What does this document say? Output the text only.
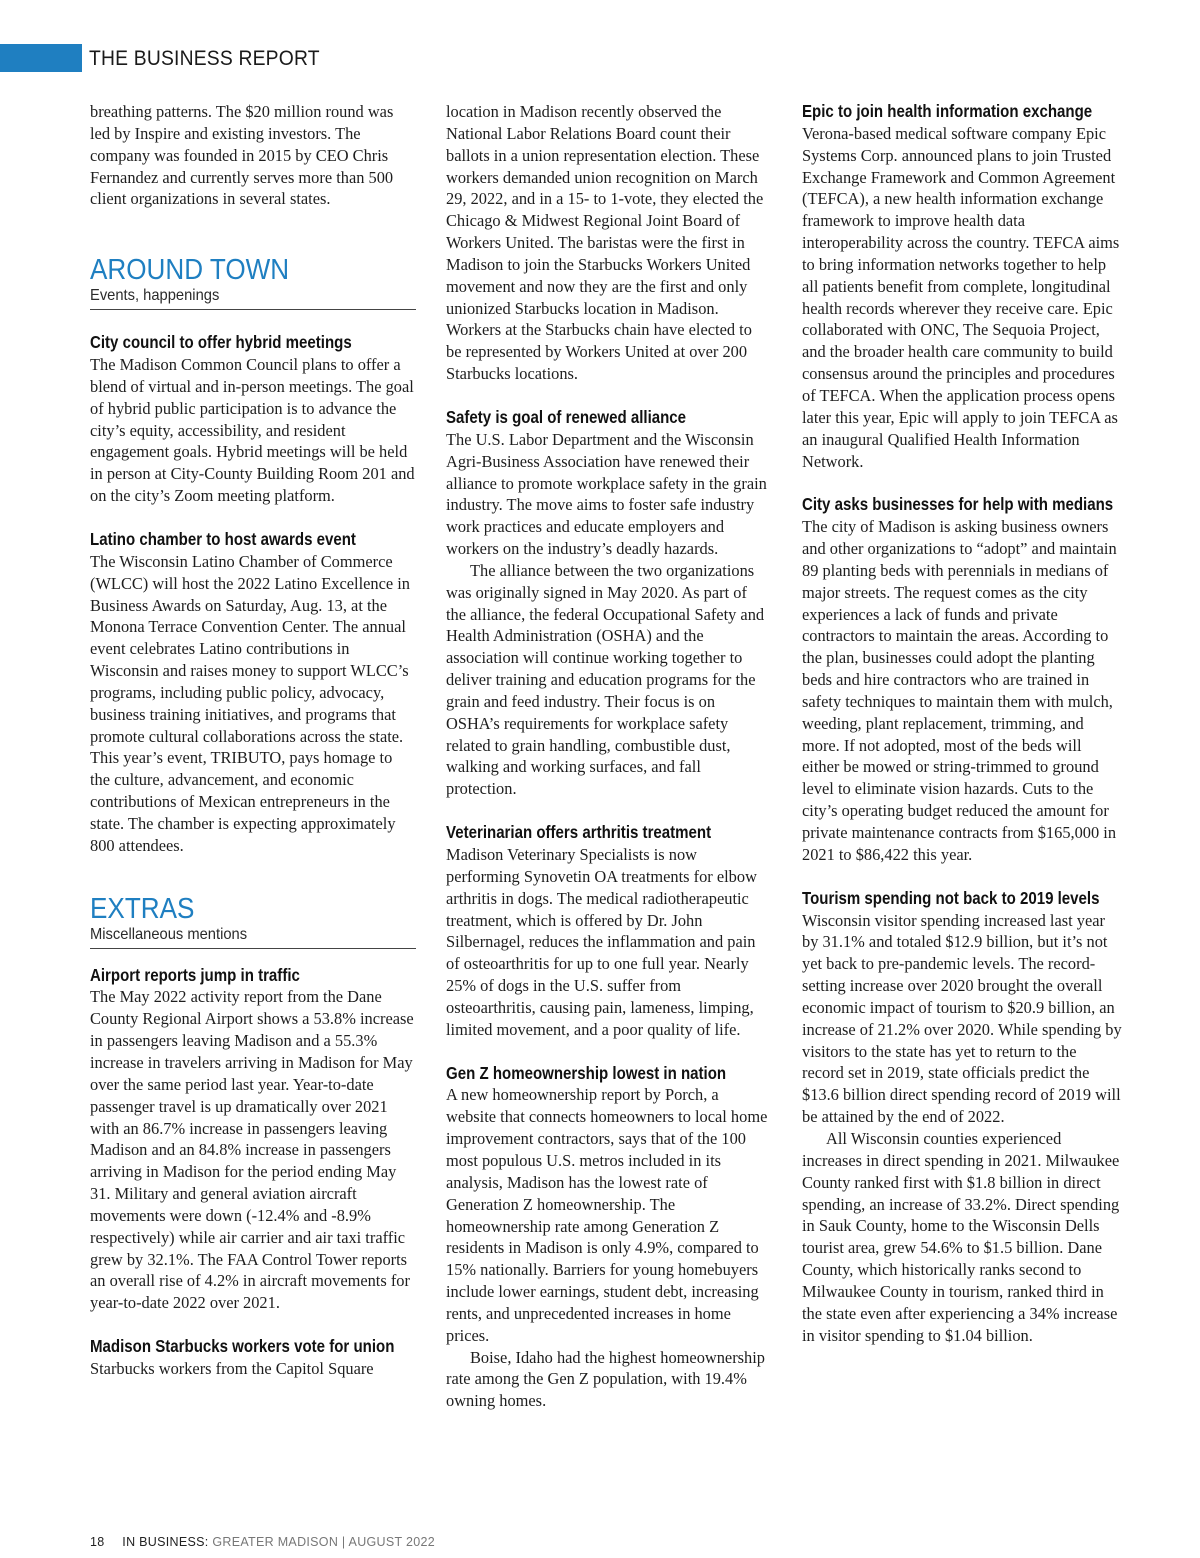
THE BUSINESS REPORT

breathing patterns. The $20 million round was led by Inspire and existing investors. The company was founded in 2015 by CEO Chris Fernandez and currently serves more than 500 client organizations in several states.

AROUND TOWN
Events, happenings
City council to offer hybrid meetings

The Madison Common Council plans to offer a blend of virtual and in-person meetings. The goal of hybrid public participation is to advance the city’s equity, accessibility, and resident engagement goals. Hybrid meetings will be held in person at City-County Building Room 201 and on the city’s Zoom meeting platform.

Latino chamber to host awards event

The Wisconsin Latino Chamber of Commerce (WLCC) will host the 2022 Latino Excellence in Business Awards on Saturday, Aug. 13, at the Monona Terrace Convention Center. The annual event celebrates Latino contributions in Wisconsin and raises money to support WLCC’s programs, including public policy, advocacy, business training initiatives, and programs that promote cultural collaborations across the state. This year’s event, TRIBUTO, pays homage to the culture, advancement, and economic contributions of Mexican entrepreneurs in the state. The chamber is expecting approximately 800 attendees.

EXTRAS
Miscellaneous mentions
Airport reports jump in traffic

The May 2022 activity report from the Dane County Regional Airport shows a 53.8% increase in passengers leaving Madison and a 55.3% increase in travelers arriving in Madison for May over the same period last year. Year-to-date passenger travel is up dramatically over 2021 with an 86.7% increase in passengers leaving Madison and an 84.8% increase in passengers arriving in Madison for the period ending May 31. Military and general aviation aircraft movements were down (-12.4% and -8.9% respectively) while air carrier and air taxi traffic grew by 32.1%. The FAA Control Tower reports an overall rise of 4.2% in aircraft movements for year-to-date 2022 over 2021.

Madison Starbucks workers vote for union

Starbucks workers from the Capitol Square

location in Madison recently observed the National Labor Relations Board count their ballots in a union representation election. These workers demanded union recognition on March 29, 2022, and in a 15- to 1-vote, they elected the Chicago & Midwest Regional Joint Board of Workers United. The baristas were the first in Madison to join the Starbucks Workers United movement and now they are the first and only unionized Starbucks location in Madison. Workers at the Starbucks chain have elected to be represented by Workers United at over 200 Starbucks locations.

Safety is goal of renewed alliance

The U.S. Labor Department and the Wisconsin Agri-Business Association have renewed their alliance to promote workplace safety in the grain industry. The move aims to foster safe industry work practices and educate employers and workers on the industry’s deadly hazards.

The alliance between the two organizations was originally signed in May 2020. As part of the alliance, the federal Occupational Safety and Health Administration (OSHA) and the association will continue working together to deliver training and education programs for the grain and feed industry. Their focus is on OSHA’s requirements for workplace safety related to grain handling, combustible dust, walking and working surfaces, and fall protection.

Veterinarian offers arthritis treatment

Madison Veterinary Specialists is now performing Synovetin OA treatments for elbow arthritis in dogs. The medical radiotherapeutic treatment, which is offered by Dr. John Silbernagel, reduces the inflammation and pain of osteoarthritis for up to one full year. Nearly 25% of dogs in the U.S. suffer from osteoarthritis, causing pain, lameness, limping, limited movement, and a poor quality of life.

Gen Z homeownership lowest in nation

A new homeownership report by Porch, a website that connects homeowners to local home improvement contractors, says that of the 100 most populous U.S. metros included in its analysis, Madison has the lowest rate of Generation Z homeownership. The homeownership rate among Generation Z residents in Madison is only 4.9%, compared to 15% nationally. Barriers for young homebuyers include lower earnings, student debt, increasing rents, and unprecedented increases in home prices.

Boise, Idaho had the highest homeownership rate among the Gen Z population, with 19.4% owning homes.

Epic to join health information exchange

Verona-based medical software company Epic Systems Corp. announced plans to join Trusted Exchange Framework and Common Agreement (TEFCA), a new health information exchange framework to improve health data interoperability across the country. TEFCA aims to bring information networks together to help all patients benefit from complete, longitudinal health records wherever they receive care. Epic collaborated with ONC, The Sequoia Project, and the broader health care community to build consensus around the principles and procedures of TEFCA. When the application process opens later this year, Epic will apply to join TEFCA as an inaugural Qualified Health Information Network.

City asks businesses for help with medians

The city of Madison is asking business owners and other organizations to “adopt” and maintain 89 planting beds with perennials in medians of major streets. The request comes as the city experiences a lack of funds and private contractors to maintain the areas. According to the plan, businesses could adopt the planting beds and hire contractors who are trained in safety techniques to maintain them with mulch, weeding, plant replacement, trimming, and more. If not adopted, most of the beds will either be mowed or string-trimmed to ground level to eliminate vision hazards. Cuts to the city’s operating budget reduced the amount for private maintenance contracts from $165,000 in 2021 to $86,422 this year.

Tourism spending not back to 2019 levels

Wisconsin visitor spending increased last year by 31.1% and totaled $12.9 billion, but it’s not yet back to pre-pandemic levels. The record-setting increase over 2020 brought the overall economic impact of tourism to $20.9 billion, an increase of 21.2% over 2020. While spending by visitors to the state has yet to return to the record set in 2019, state officials predict the $13.6 billion direct spending record of 2019 will be attained by the end of 2022.

All Wisconsin counties experienced increases in direct spending in 2021. Milwaukee County ranked first with $1.8 billion in direct spending, an increase of 33.2%. Direct spending in Sauk County, home to the Wisconsin Dells tourist area, grew 54.6% to $1.5 billion. Dane County, which historically ranks second to Milwaukee County in tourism, ranked third in the state even after experiencing a 34% increase in visitor spending to $1.04 billion.

18 IN BUSINESS: GREATER MADISON | AUGUST 2022
